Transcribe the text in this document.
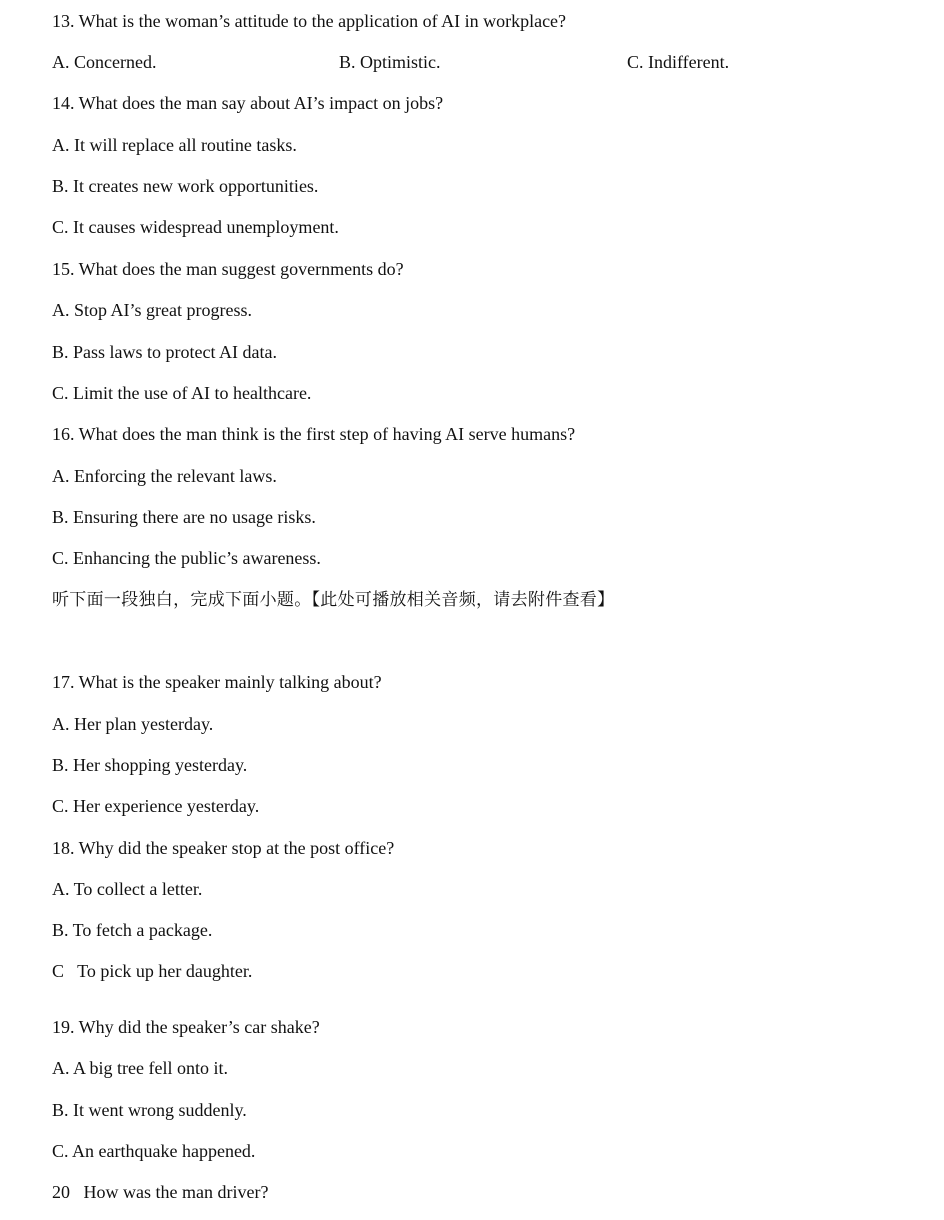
13. What is the woman’s attitude to the application of AI in workplace?

A. Concerned.	B. Optimistic.	C. Indifferent.

14. What does the man say about AI’s impact on jobs?

A. It will replace all routine tasks.

B. It creates new work opportunities.

C. It causes widespread unemployment.

15. What does the man suggest governments do?

A. Stop AI’s great progress.

B. Pass laws to protect AI data.

C. Limit the use of AI to healthcare.

16. What does the man think is the first step of having AI serve humans?

A. Enforcing the relevant laws.

B. Ensuring there are no usage risks.

C. Enhancing the public’s awareness.

听下面一段独白，完成下面小题。【此处可播放相关音频，请去附件查看】

17. What is the speaker mainly talking about?

A. Her plan yesterday.

B. Her shopping yesterday.

C. Her experience yesterday.

18. Why did the speaker stop at the post office?

A. To collect a letter.

B. To fetch a package.

C   To pick up her daughter.

19. Why did the speaker’s car shake?

A. A big tree fell onto it.

B. It went wrong suddenly.

C. An earthquake happened.

20   How was the man driver?
